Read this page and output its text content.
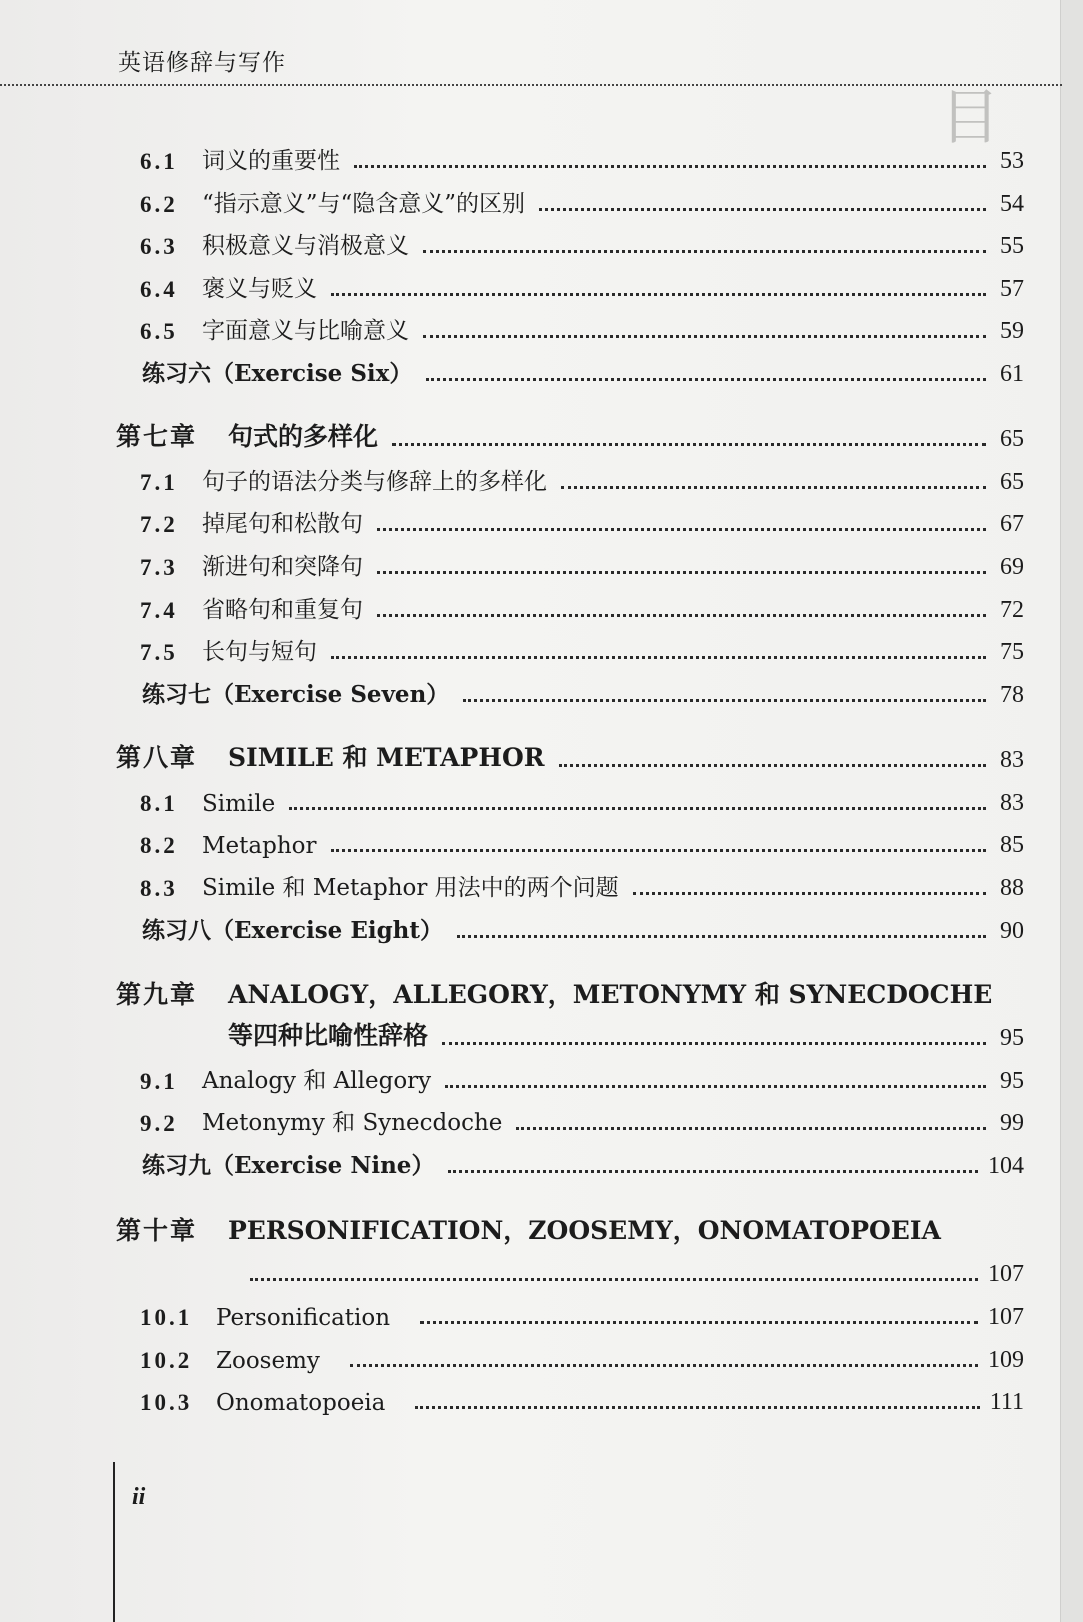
目
英语修辞与写作
6.1	词义的重要性	53
6.2	“指示意义”与“隐含意义”的区别	54
6.3	积极意义与消极意义	55
6.4	褒义与贬义	57
6.5	字面意义与比喻意义	59
练习六（Exercise Six）	61
第七章	句式的多样化	65
7.1	句子的语法分类与修辞上的多样化	65
7.2	掉尾句和松散句	67
7.3	渐进句和突降句	69
7.4	省略句和重复句	72
7.5	长句与短句	75
练习七（Exercise Seven）	78
第八章	SIMILE 和 METAPHOR	83
8.1	Simile	83
8.2	Metaphor	85
8.3	Simile 和 Metaphor 用法中的两个问题	88
练习八（Exercise Eight）	90
第九章 ANALOGY，ALLEGORY，METONYMY 和 SYNECDOCHE
等四种比喻性辞格	95
9.1	Analogy 和 Allegory	95
9.2	Metonymy 和 Synecdoche	99
练习九（Exercise Nine）	104
第十章 PERSONIFICATION，ZOOSEMY，ONOMATOPOEIA
107
10.1	Personification	107
10.2	Zoosemy	109
10.3	Onomatopoeia	111
ii
